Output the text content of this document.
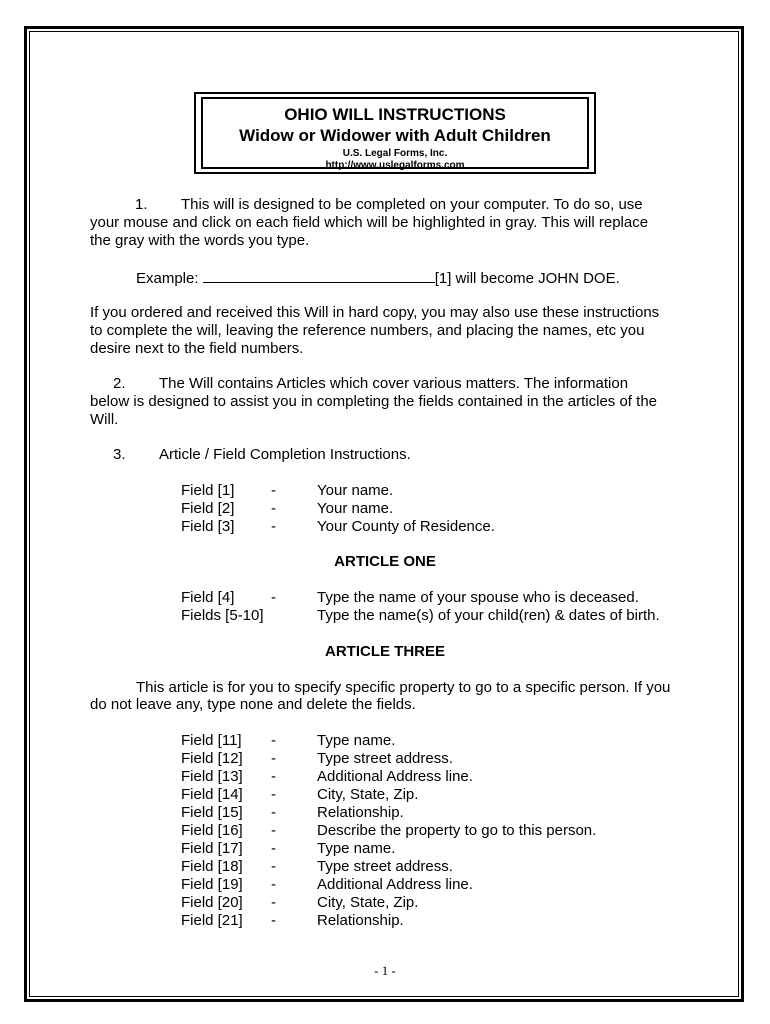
OHIO WILL INSTRUCTIONS
Widow or Widower with Adult Children
U.S. Legal Forms, Inc.
http://www.uslegalforms.com
1. This will is designed to be completed on your computer. To do so, use
your mouse and click on each field which will be highlighted in gray. This will replace
the gray with the words you type.
Example:	[1] will become JOHN DOE.
If you ordered and received this Will in hard copy, you may also use these instructions
to complete the will, leaving the reference numbers, and placing the names, etc you
desire next to the field numbers.
2. The Will contains Articles which cover various matters. The information
below is designed to assist you in completing the fields contained in the articles of the
Will.
3. Article / Field Completion Instructions.
Field [1] -	Your name.
Field [2] -	Your name.
Field [3] -	Your County of Residence.
ARTICLE ONE
Field [4] -	Type the name of your spouse who is deceased.
Fields [5-10]	Type the name(s) of your child(ren) & dates of birth.
ARTICLE THREE
This article is for you to specify specific property to go to a specific person. If you
do not leave any, type none and delete the fields.
Field [11] -	Type name.
Field [12] -	Type street address.
Field [13] -	Additional Address line.
Field [14] -	City, State, Zip.
Field [15] -	Relationship.
Field [16] -	Describe the property to go to this person.
Field [17] -	Type name.
Field [18] -	Type street address.
Field [19] -	Additional Address line.
Field [20] -	City, State, Zip.
Field [21] -	Relationship.
- 1 -
